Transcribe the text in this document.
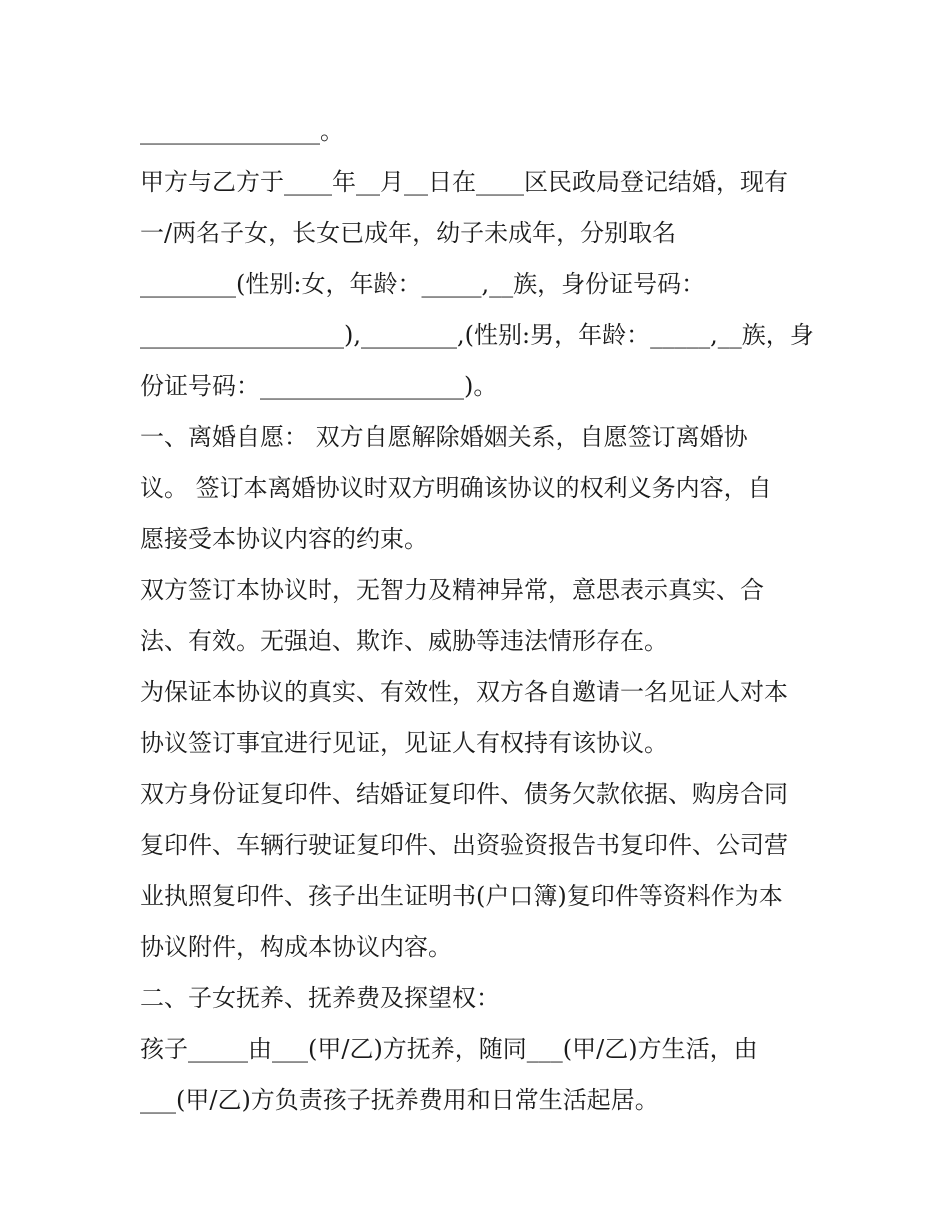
_______________。
甲方与乙方于____年__月__日在____区民政局登记结婚，现有
一/两名子女，长女已成年，幼子未成年，分别取名
________(性别:女，年龄：_____,__族，身份证号码：
_________________),________,(性别:男，年龄：_____,__族，身
份证号码：_________________)。
一、离婚自愿： 双方自愿解除婚姻关系，自愿签订离婚协
议。 签订本离婚协议时双方明确该协议的权利义务内容，自
愿接受本协议内容的约束。
双方签订本协议时，无智力及精神异常，意思表示真实、合
法、有效。无强迫、欺诈、威胁等违法情形存在。
为保证本协议的真实、有效性，双方各自邀请一名见证人对本
协议签订事宜进行见证，见证人有权持有该协议。
双方身份证复印件、结婚证复印件、债务欠款依据、购房合同
复印件、车辆行驶证复印件、出资验资报告书复印件、公司营
业执照复印件、孩子出生证明书(户口簿)复印件等资料作为本
协议附件，构成本协议内容。
二、子女抚养、抚养费及探望权：
孩子_____由___(甲/乙)方抚养，随同___(甲/乙)方生活，由
___(甲/乙)方负责孩子抚养费用和日常生活起居。
